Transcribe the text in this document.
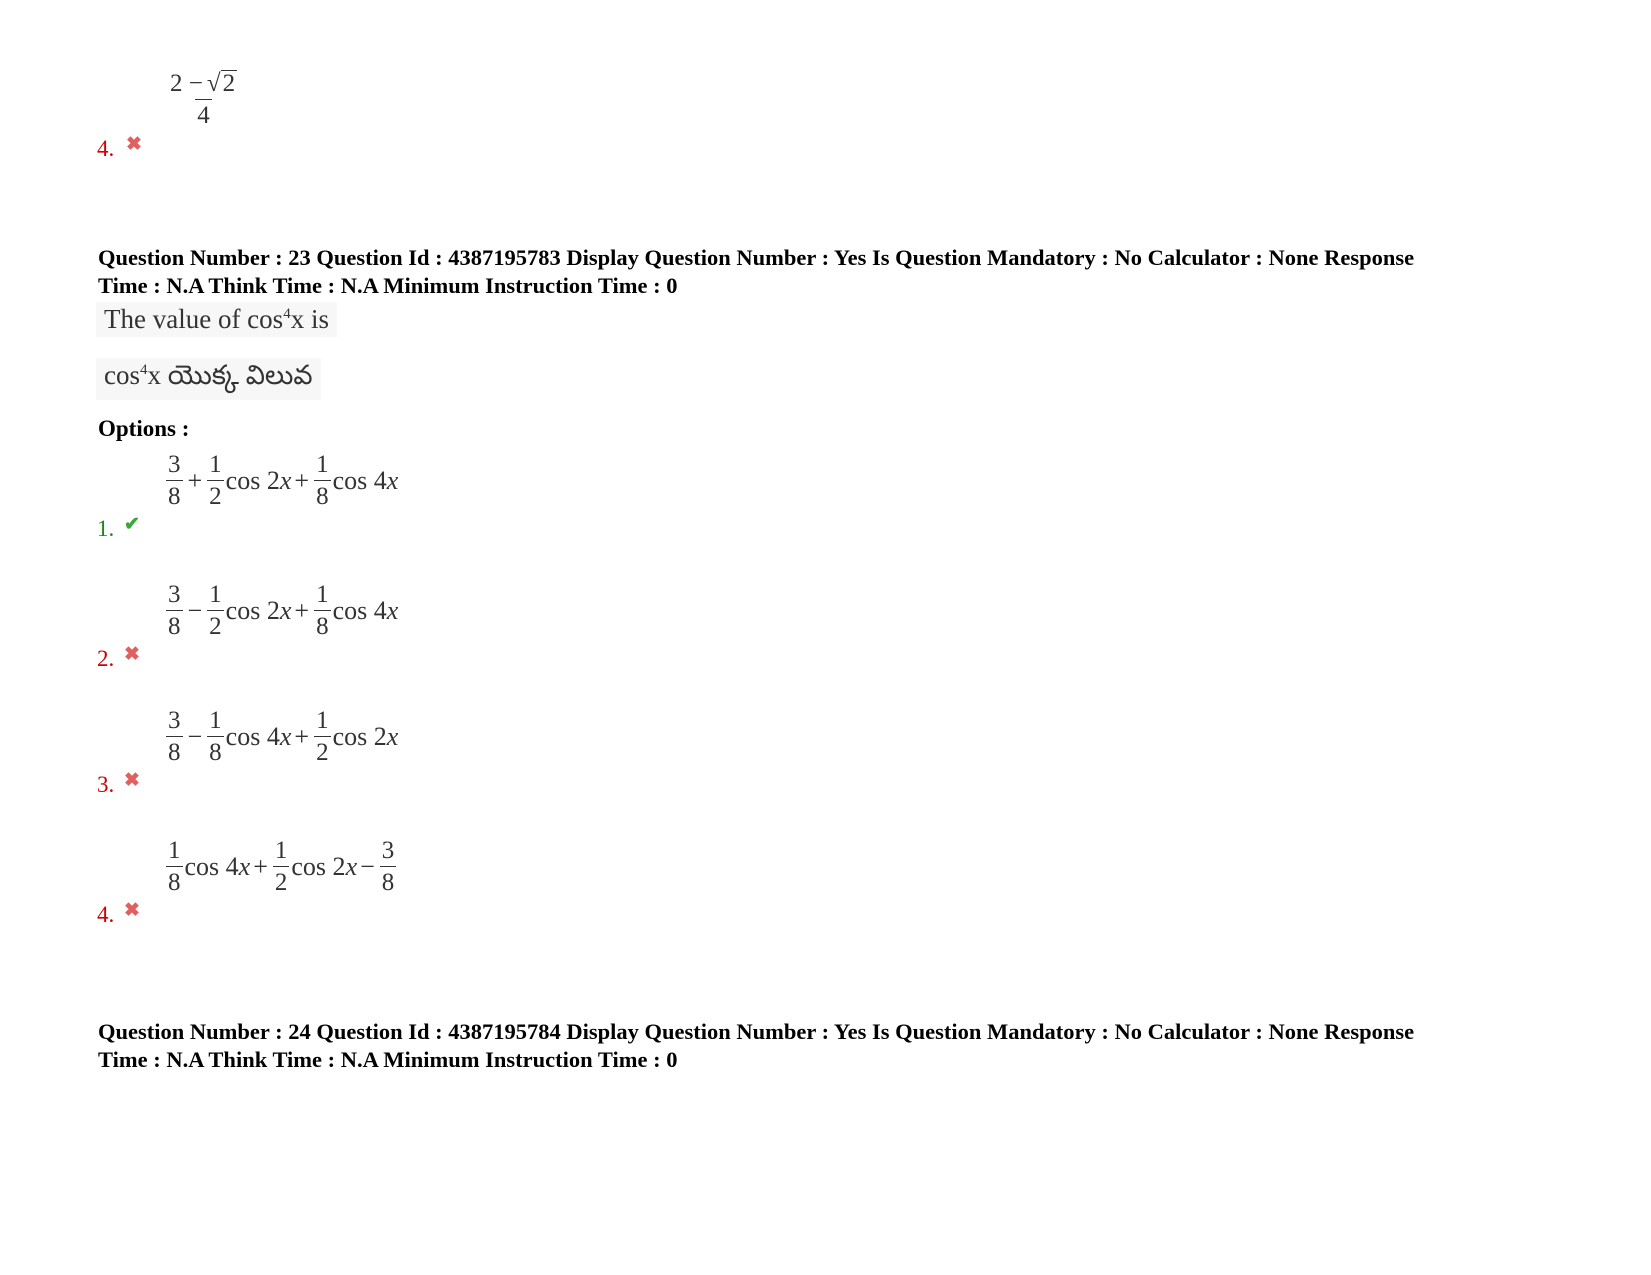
4. ✖
$\frac{2 - √ 2}{4}$
Question Number : 23 Question Id : 4387195783 Display Question Number : Yes Is Question Mandatory : No Calculator : None Response
Time : N.A Think Time : N.A Minimum Instruction Time : 0
The value of $\cos^4x$ is
$\cos^4x$ యొక్క విలువ
Options :
1. ✔
$\frac{3}{8} + \frac{1}{2}$ $\cos 2x + \frac{1}{8}$ cos 4x
2. ✖
$\frac{3}{8} - \frac{1}{2}$ $\cos 2x + \frac{1}{8}$ cos 4x
3. ✖
$\frac{3}{8} - \frac{1}{8}$ $\cos 4x + \frac{1}{2}$ cos 2x
4. ✖
$\frac{1}{8}$ $\cos 4x + \frac{1}{2}$ $\cos 2x - \frac{3}{8}$
Question Number : 24 Question Id : 4387195784 Display Question Number : Yes Is Question Mandatory : No Calculator : None Response
Time : N.A Think Time : N.A Minimum Instruction Time : 0
